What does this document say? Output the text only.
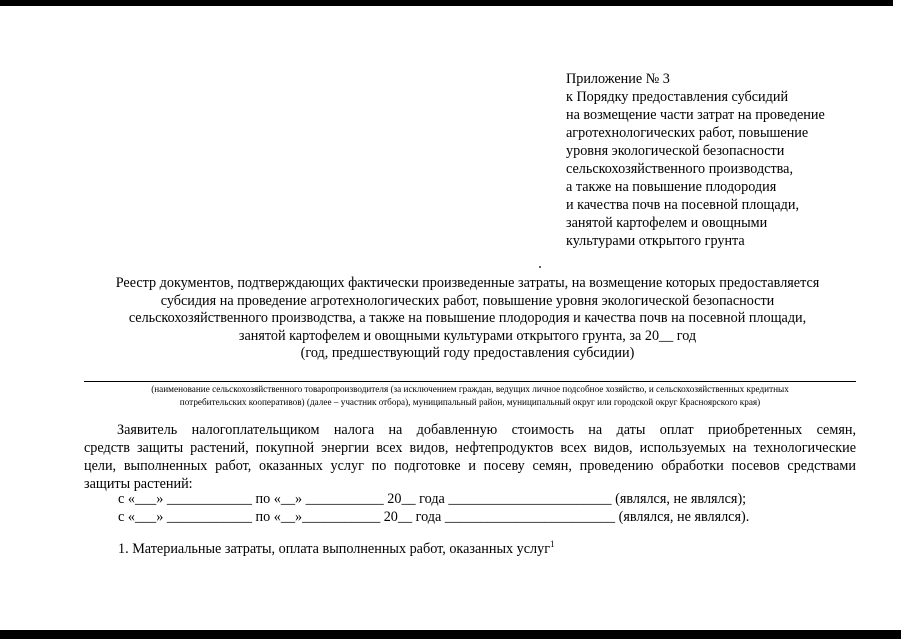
Приложение № 3
к Порядку предоставления субсидий
на возмещение части затрат на проведение
агротехнологических работ, повышение
уровня экологической безопасности
сельскохозяйственного производства,
а также на повышение плодородия
и качества почв на посевной площади,
занятой картофелем и овощными
культурами открытого грунта
Реестр документов, подтверждающих фактически произведенные затраты, на возмещение которых предоставляется
субсидия на проведение агротехнологических работ, повышение уровня экологической безопасности
сельскохозяйственного производства, а также на повышение плодородия и качества почв на посевной площади,
занятой картофелем и овощными культурами открытого грунта, за 20__ год
(год, предшествующий году предоставления субсидии)
(наименование сельскохозяйственного товаропроизводителя (за исключением граждан, ведущих личное подсобное хозяйство, и сельскохозяйственных кредитных
потребительских кооперативов) (далее – участник отбора), муниципальный район, муниципальный округ или городской округ Красноярского края)
Заявитель налогоплательщиком налога на добавленную стоимость на даты оплат приобретенных семян,
средств защиты растений, покупной энергии всех видов, нефтепродуктов всех видов, используемых на технологические
цели, выполненных работ, оказанных услуг по подготовке и посеву семян, проведению обработки посевов средствами
защиты растений:
с «___» ____________ по «__» ___________ 20__ года _______________________ (являлся, не являлся);
с «___» ____________ по «__»___________ 20__ года ________________________ (являлся, не являлся).
1. Материальные затраты, оплата выполненных работ, оказанных услуг$^1$
